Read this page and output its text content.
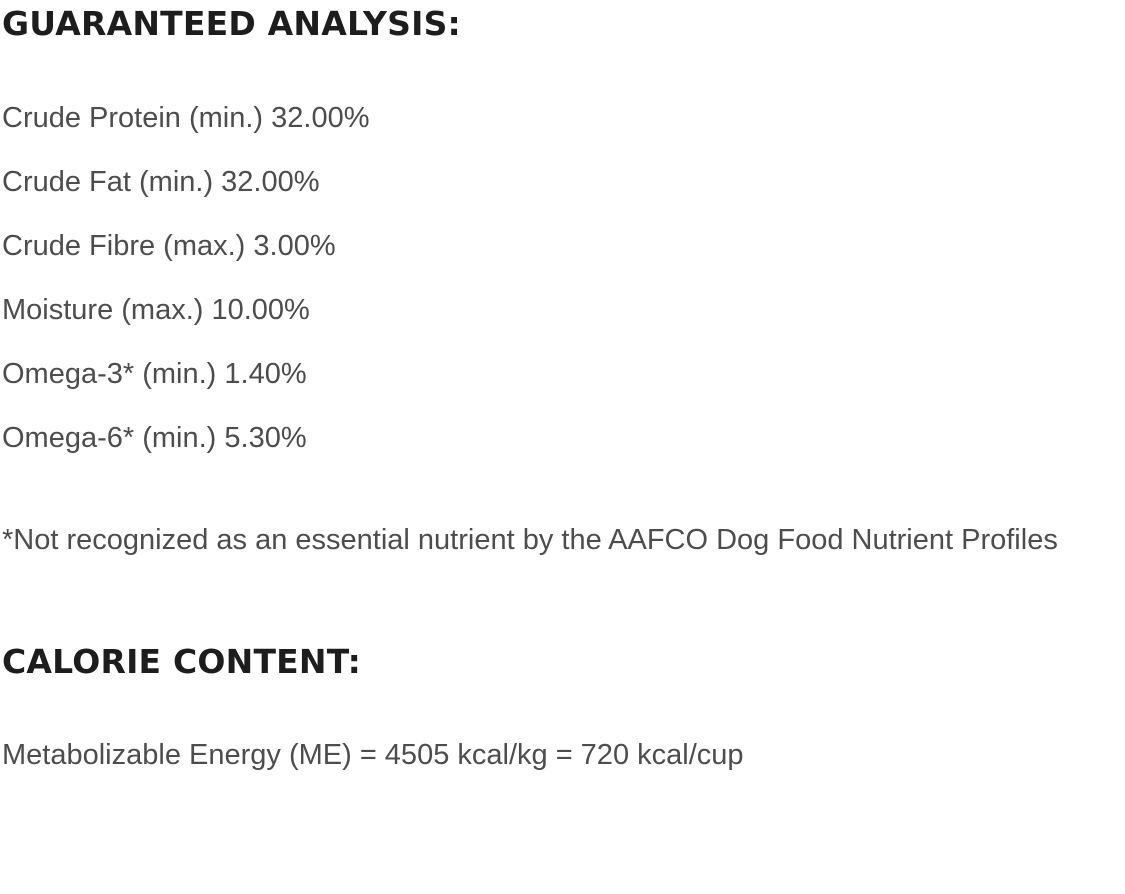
GUARANTEED ANALYSIS:
Crude Protein (min.) 32.00%
Crude Fat (min.) 32.00%
Crude Fibre (max.) 3.00%
Moisture (max.) 10.00%
Omega-3* (min.) 1.40%
Omega-6* (min.) 5.30%
*Not recognized as an essential nutrient by the AAFCO Dog Food Nutrient Profiles
CALORIE CONTENT:
Metabolizable Energy (ME) = 4505 kcal/kg = 720 kcal/cup
